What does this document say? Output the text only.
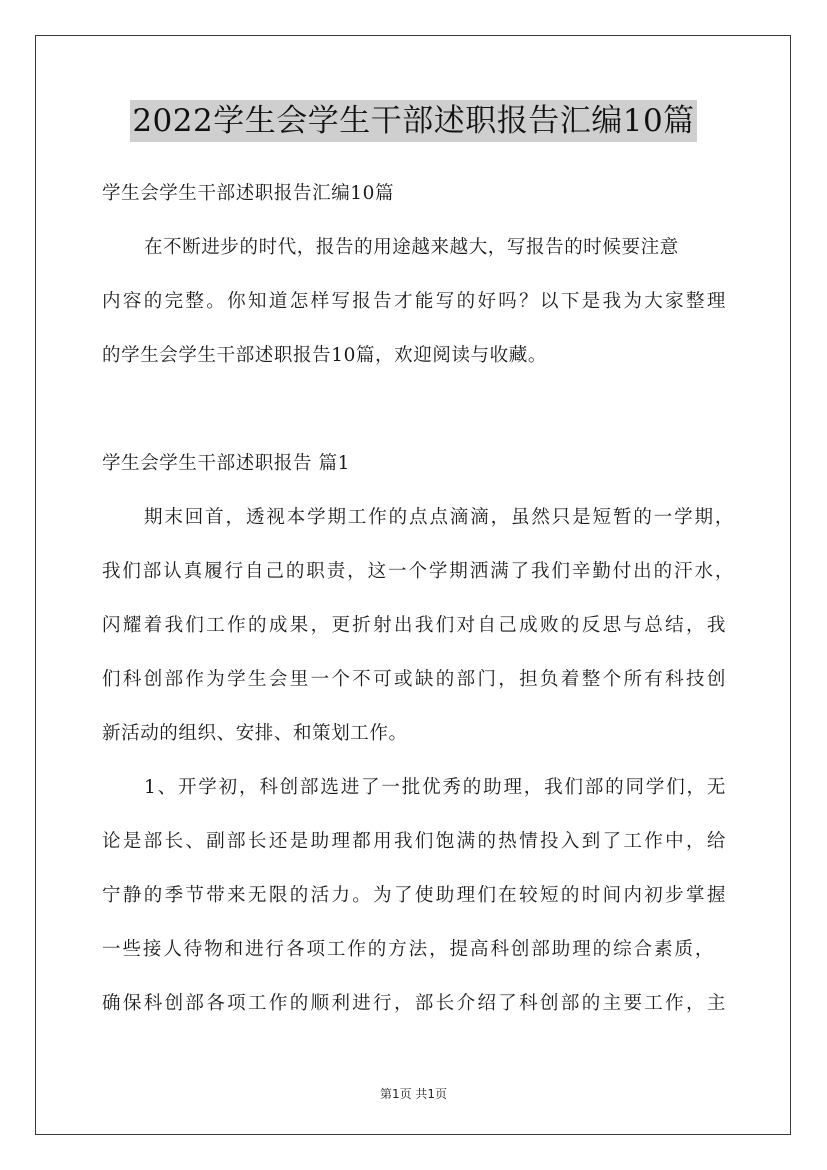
2022学生会学生干部述职报告汇编10篇
学生会学生干部述职报告汇编10篇
在不断进步的时代，报告的用途越来越大，写报告的时候要注意
内容的完整。你知道怎样写报告才能写的好吗？以下是我为大家整理
的学生会学生干部述职报告10篇，欢迎阅读与收藏。
学生会学生干部述职报告 篇1
期末回首，透视本学期工作的点点滴滴，虽然只是短暂的一学期，
我们部认真履行自己的职责，这一个学期洒满了我们辛勤付出的汗水，
闪耀着我们工作的成果，更折射出我们对自己成败的反思与总结，我
们科创部作为学生会里一个不可或缺的部门，担负着整个所有科技创
新活动的组织、安排、和策划工作。
1、开学初，科创部选进了一批优秀的助理，我们部的同学们，无
论是部长、副部长还是助理都用我们饱满的热情投入到了工作中，给
宁静的季节带来无限的活力。为了使助理们在较短的时间内初步掌握
一些接人待物和进行各项工作的方法，提高科创部助理的综合素质，
确保科创部各项工作的顺利进行，部长介绍了科创部的主要工作，主
第1页 共1页
